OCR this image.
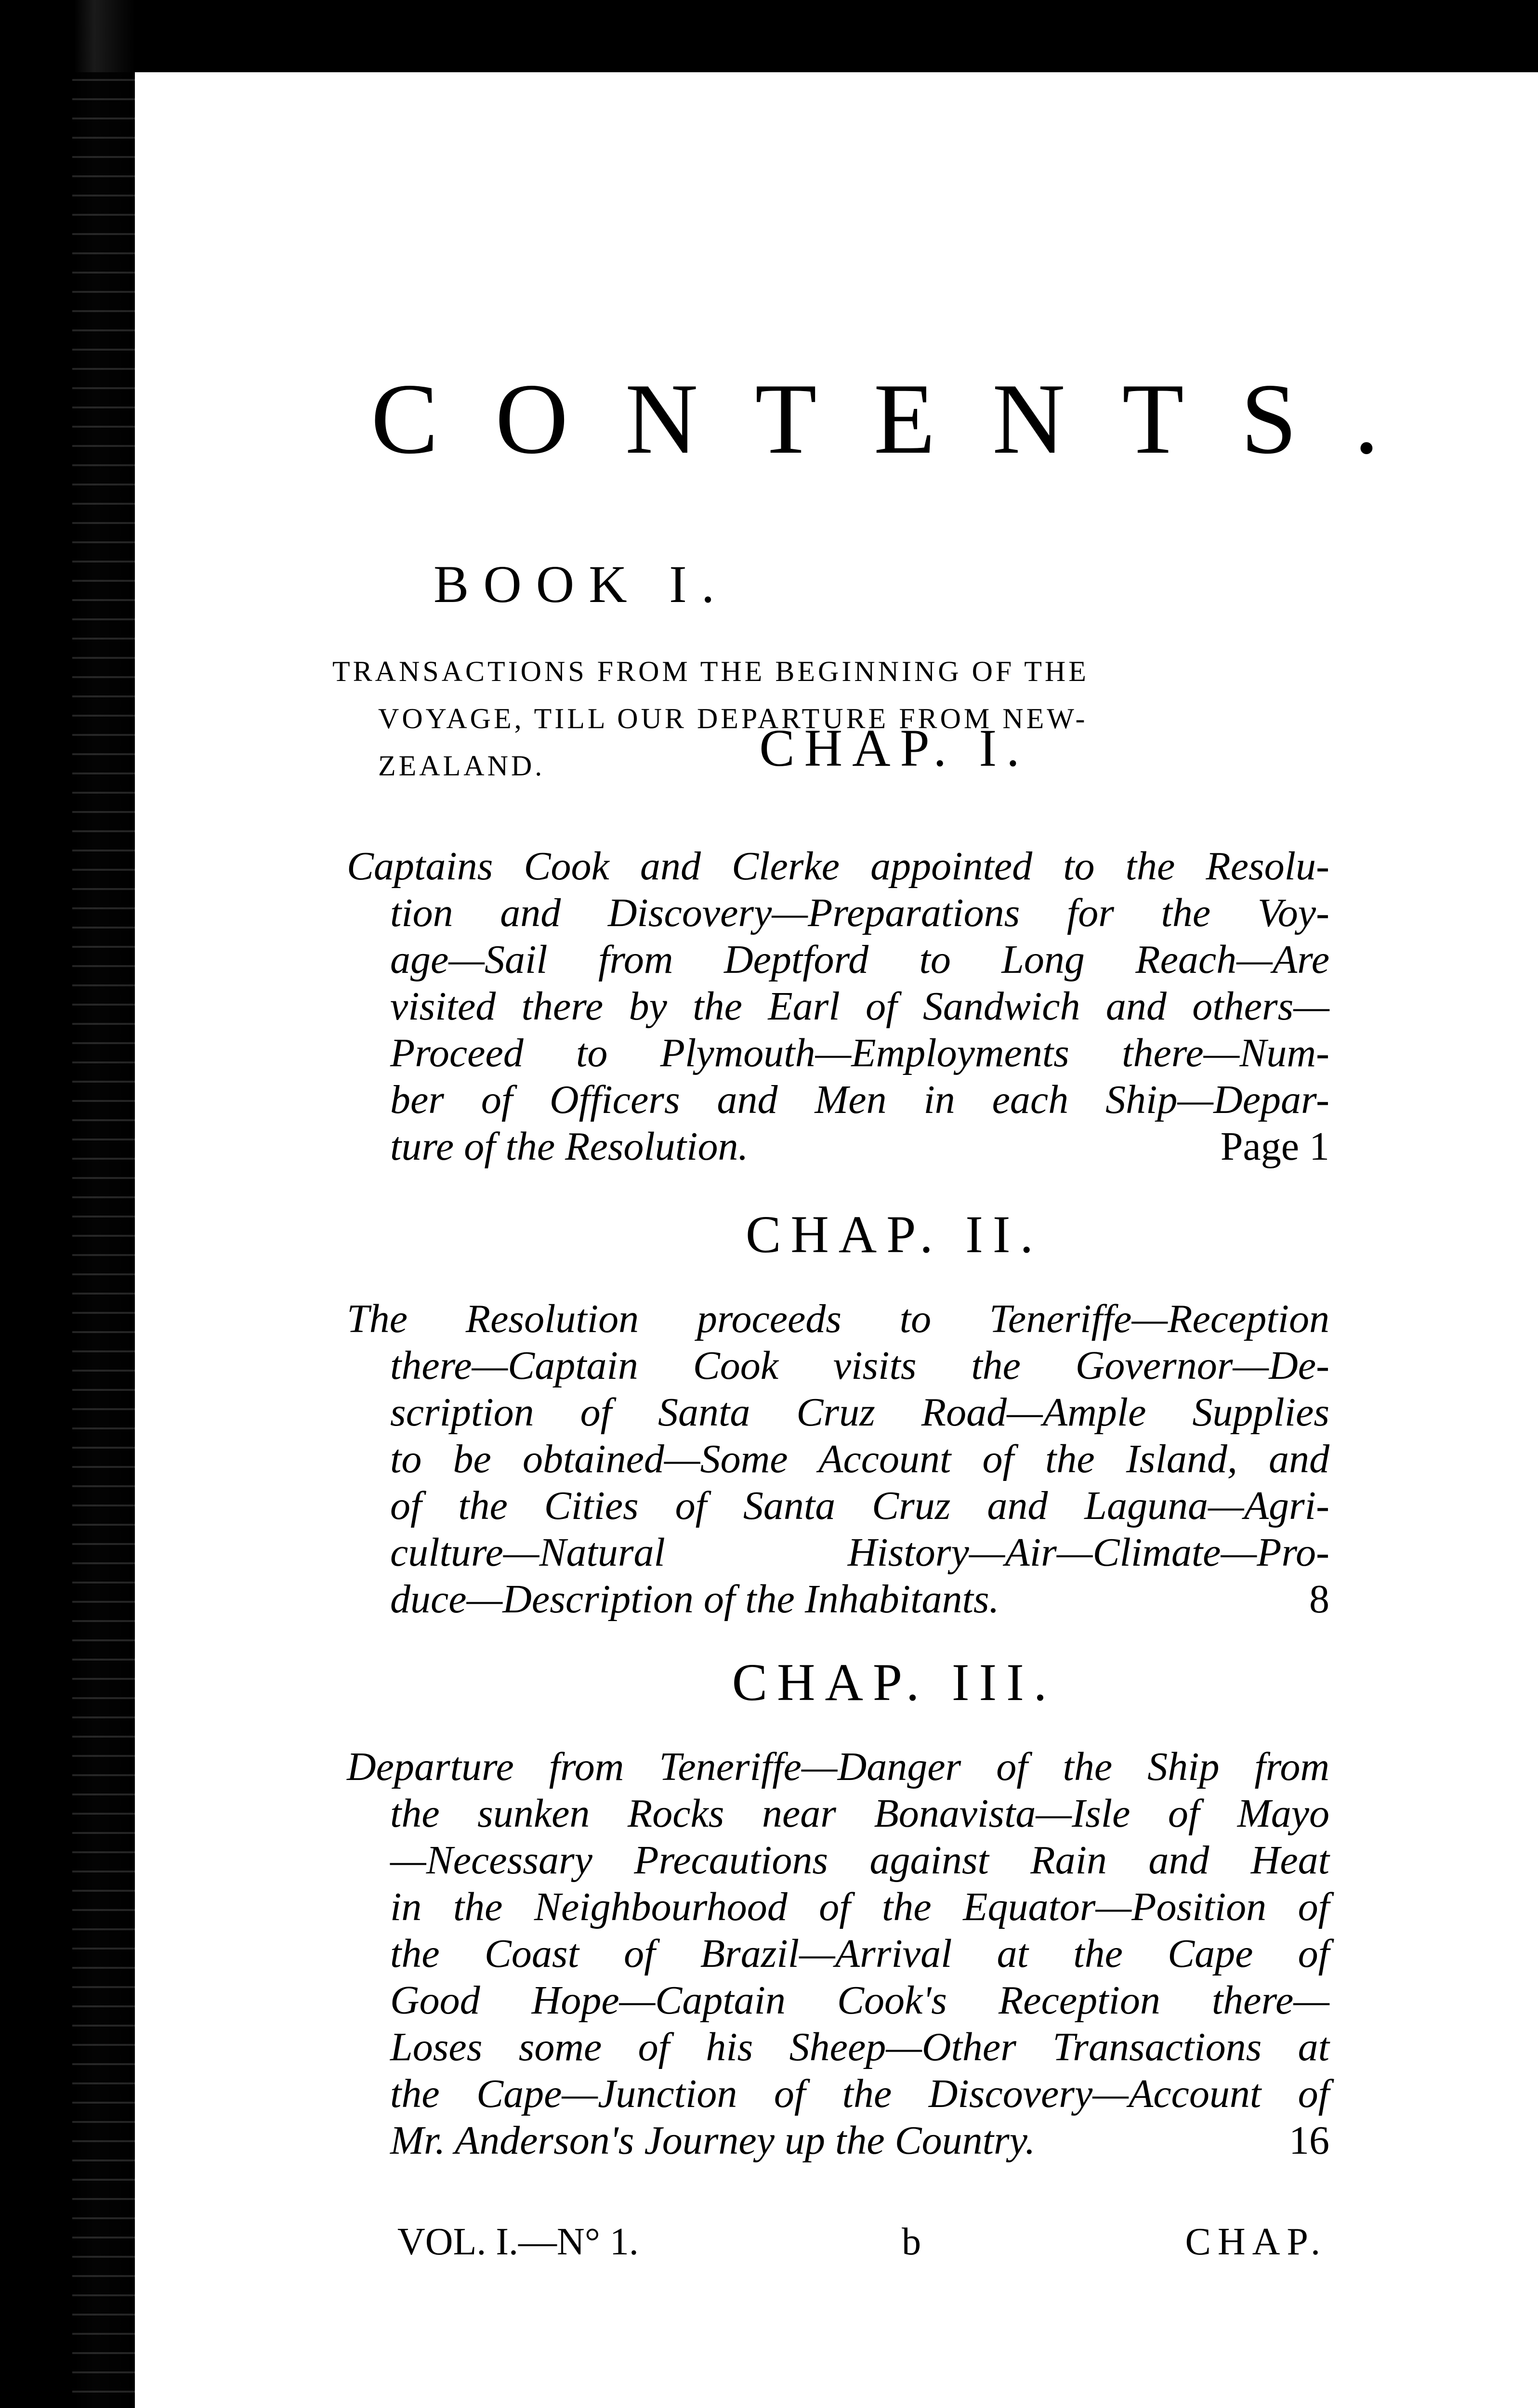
CONTENTS.
BOOK I.
TRANSACTIONS FROM THE BEGINNING OF THE
VOYAGE, TILL OUR DEPARTURE FROM NEW-
ZEALAND.	CHAP. I.
Captains Cook and Clerke appointed to the Resolu-
tion and Discovery—Preparations for the Voy-
age—Sail from Deptford to Long Reach—Are
visited there by the Earl of Sandwich and others—
Proceed to Plymouth—Employments there—Num-
ber of Officers and Men in each Ship—Depar-
ture of the Resolution.	Page 1
CHAP. II.
The Resolution proceeds to Teneriffe—Reception
there—Captain Cook visits the Governor—De-
scription of Santa Cruz Road—Ample Supplies
to be obtained—Some Account of the Island, and
of the Cities of Santa Cruz and Laguna—Agri-
culture—Natural History—Air—Climate—Pro-
duce—Description of the Inhabitants.	8
CHAP. III.
Departure from Teneriffe—Danger of the Ship from
the sunken Rocks near Bonavista—Isle of Mayo
—Necessary Precautions against Rain and Heat
in the Neighbourhood of the Equator—Position of
the Coast of Brazil—Arrival at the Cape of
Good Hope—Captain Cook's Reception there—
Loses some of his Sheep—Other Transactions at
the Cape—Junction of the Discovery—Account of
Mr. Anderson's Journey up the Country.	16
VOL. I.—N° 1.	b	CHAP.
